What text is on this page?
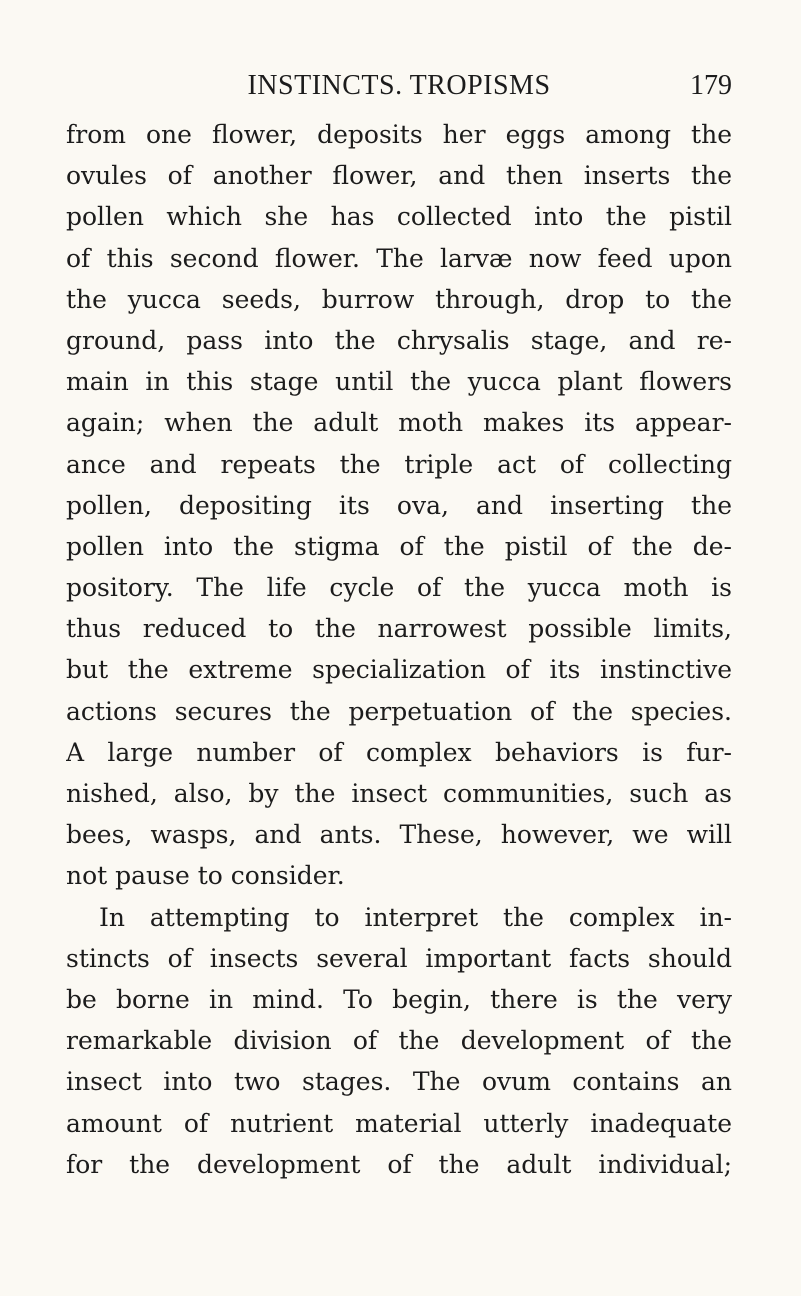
INSTINCTS. TROPISMS	179
from one flower, deposits her eggs among the
ovules of another flower, and then inserts the
pollen which she has collected into the pistil
of this second flower. The larvæ now feed upon
the yucca seeds, burrow through, drop to the
ground, pass into the chrysalis stage, and re-
main in this stage until the yucca plant flowers
again; when the adult moth makes its appear-
ance and repeats the triple act of collecting
pollen, depositing its ova, and inserting the
pollen into the stigma of the pistil of the de-
pository. The life cycle of the yucca moth is
thus reduced to the narrowest possible limits,
but the extreme specialization of its instinctive
actions secures the perpetuation of the species.
A large number of complex behaviors is fur-
nished, also, by the insect communities, such as
bees, wasps, and ants. These, however, we will
not pause to consider.
In attempting to interpret the complex in-
stincts of insects several important facts should
be borne in mind. To begin, there is the very
remarkable division of the development of the
insect into two stages. The ovum contains an
amount of nutrient material utterly inadequate
for the development of the adult individual;
